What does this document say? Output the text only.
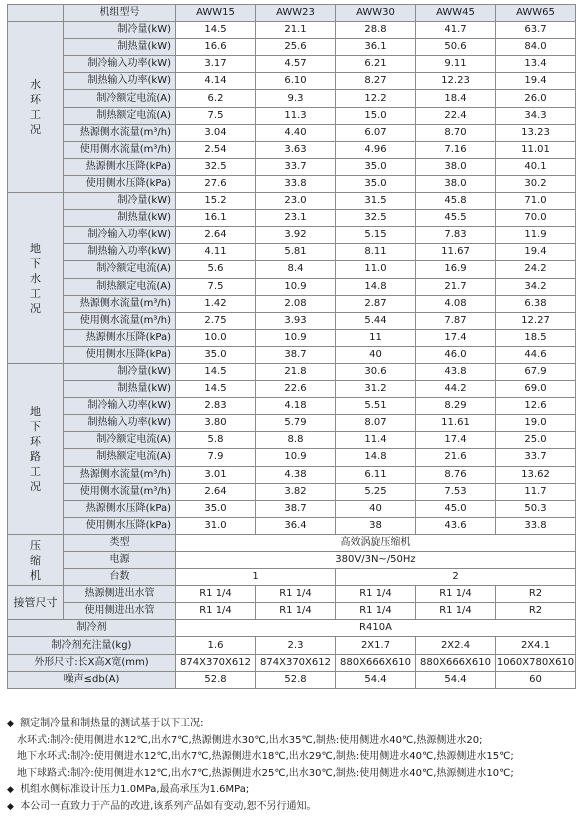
	机组型号	AWW15	AWW23	AWW30	AWW45	AWW65
水环工况	制冷量(kW)	14.5	21.1	28.8	41.7	63.7
	制热量(kW)	16.6	25.6	36.1	50.6	84.0
	制冷输入功率(kW)	3.17	4.57	6.21	9.11	13.4
	制热输入功率(kW)	4.14	6.10	8.27	12.23	19.4
	制冷额定电流(A)	6.2	9.3	12.2	18.4	26.0
	制热额定电流(A)	7.5	11.3	15.0	22.4	34.3
	热源侧水流量(m³/h)	3.04	4.40	6.07	8.70	13.23
	使用侧水流量(m³/h)	2.54	3.63	4.96	7.16	11.01
	热源侧水压降(kPa)	32.5	33.7	35.0	38.0	40.1
	使用侧水压降(kPa)	27.6	33.8	35.0	38.0	30.2
地下水工况	制冷量(kW)	15.2	23.0	31.5	45.8	71.0
	制热量(kW)	16.1	23.1	32.5	45.5	70.0
	制冷输入功率(kW)	2.64	3.92	5.15	7.83	11.9
	制热输入功率(kW)	4.11	5.81	8.11	11.67	19.4
	制冷额定电流(A)	5.6	8.4	11.0	16.9	24.2
	制热额定电流(A)	7.5	10.9	14.8	21.7	34.2
	热源侧水流量(m³/h)	1.42	2.08	2.87	4.08	6.38
	使用侧水流量(m³/h)	2.75	3.93	5.44	7.87	12.27
	热源侧水压降(kPa)	10.0	10.9	11	17.4	18.5
	使用侧水压降(kPa)	35.0	38.7	40	46.0	44.6
地下环路工况	制冷量(kW)	14.5	21.8	30.6	43.8	67.9
	制热量(kW)	14.5	22.6	31.2	44.2	69.0
	制冷输入功率(kW)	2.83	4.18	5.51	8.29	12.6
	制热输入功率(kW)	3.80	5.79	8.07	11.61	19.0
	制冷额定电流(A)	5.8	8.8	11.4	17.4	25.0
	制热额定电流(A)	7.9	10.9	14.8	21.6	33.7
	热源侧水流量(m³/h)	3.01	4.38	6.11	8.76	13.62
	使用侧水流量(m³/h)	2.64	3.82	5.25	7.53	11.7
	热源侧水压降(kPa)	35.0	38.7	40	45.0	50.3
	使用侧水压降(kPa)	31.0	36.4	38	43.6	33.8
压缩机	类型	高效涡旋压缩机				
	电源	380V/3N~/50Hz				
	台数	1		2		
接管尺寸	热源侧进出水管	R1 1/4	R1 1/4	R1 1/4	R1 1/4	R2
	使用侧进出水管	R1 1/4	R1 1/4	R1 1/4	R1 1/4	R2
制冷剂		R410A				
制冷剂充注量(kg)		1.6	2.3	2X1.7	2X2.4	2X4.1
外形尺寸:长X高X宽(mm)		874X370X612	874X370X612	880X666X610	880X666X610	1060X780X610
噪声≤db(A)		52.8	52.8	54.4	54.4	60
◆ 额定制冷量和制热量的测试基于以下工况:
水环式:制冷:使用侧进水12℃,出水7℃,热源侧进水30℃,出水35℃,制热:使用侧进水40℃,热源侧进水20;
地下水环式:制冷:使用侧进水12℃,出水7℃,热源侧进水18℃,出水29℃,制热:使用侧进水40℃,热源侧进水15℃;
地下球路式:制冷:使用侧进水12℃,出水7℃,热源侧进水25℃,出水30℃,制热:使用侧进水40℃,热源侧进水10℃;
◆ 机组水侧标准设计压力1.0MPa,最高承压为1.6MPa;
◆ 本公司一直致力于产品的改进,该系列产品如有变动,恕不另行通知。
